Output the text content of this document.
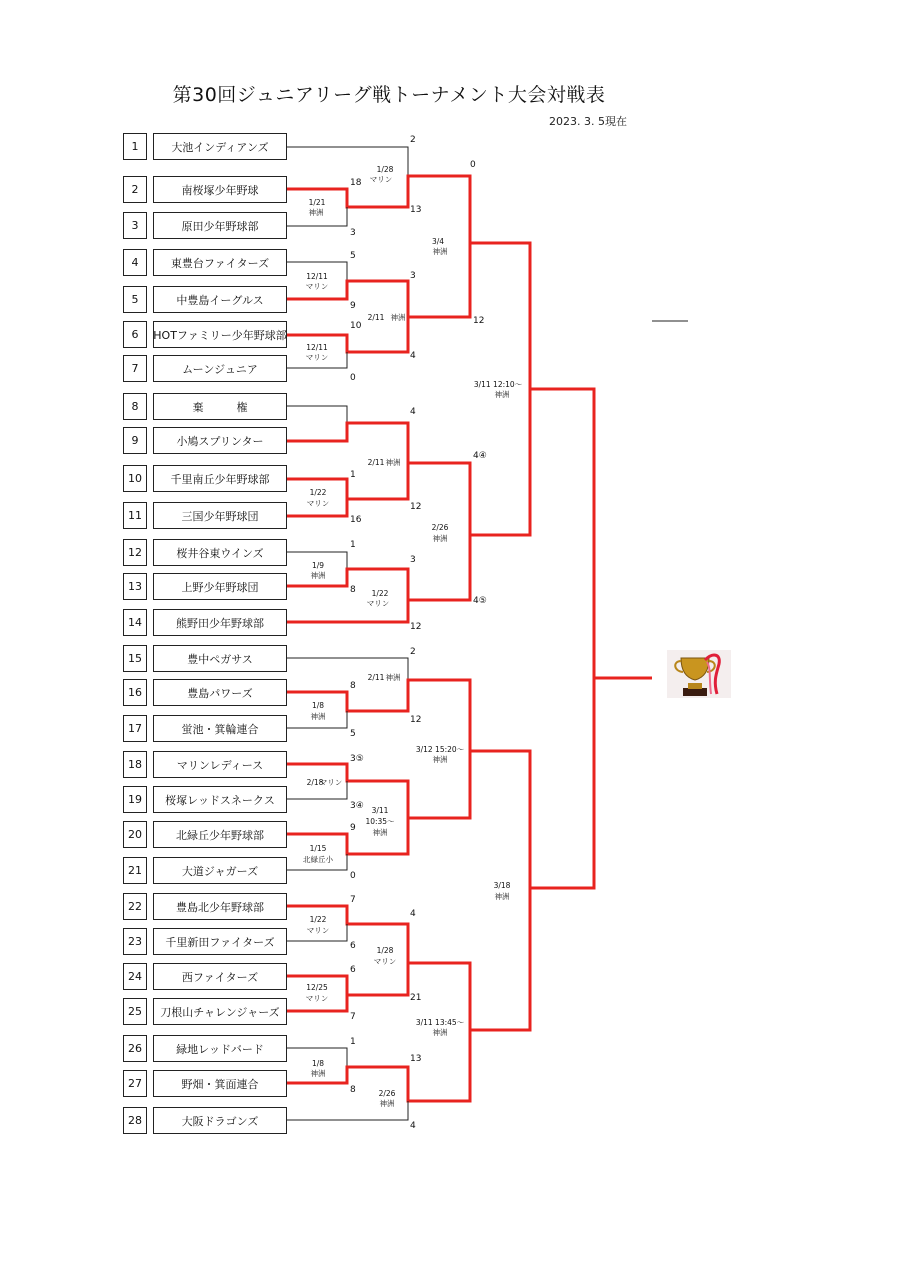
第30回ジュニアリーグ戦トーナメント大会対戦表
2023. 3. 5現在
1	大池インディアンズ
2	南桜塚少年野球
3	原田少年野球部
4	東豊台ファイターズ
5	中豊島イーグルス
6	HOTファミリー少年野球部
7	ムーンジュニア
8	棄　　　権
9	小鳩スプリンター
10	千里南丘少年野球部
11	三国少年野球団
12	桜井谷東ウインズ
13	上野少年野球団
14	熊野田少年野球部
15	豊中ペガサス
16	豊島パワーズ
17	蛍池・箕輪連合
18	マリンレディース
19	桜塚レッドスネークス
20	北緑丘少年野球部
21	大道ジャガーズ
22	豊島北少年野球部
23	千里新田ファイターズ
24	西ファイターズ
25	刀根山チャレンジャーズ
26	緑地レッドバード
27	野畑・箕面連合
28	大阪ドラゴンズ
2
18
3
13
0
5
3
9
10
4
0
12
4
1
16
12
4④
1
3
8
12
4⑤
2
8
12
5
3⑤
3④
9
0
7
4
6
6
21
7
1
13
8
4
1/28
1/21
12/11
2/11
12/11
3/4
2/11
1/22
2/26
1/9
1/22
3/11 12:10～
2/11
1/8
2/18
1/15
3/11
10:35～
3/12 15:20～
1/22
1/28
12/25
3/11 13:45～
1/8
2/26
3/18
マリン
神洲
マリン
神洲
マリン
神洲
神洲
マリン
神洲
神洲
マリン
神洲
神洲
神洲
マリン
北緑丘小
神洲
神洲
マリン
マリン
マリン
神洲
神洲
神洲
神洲
